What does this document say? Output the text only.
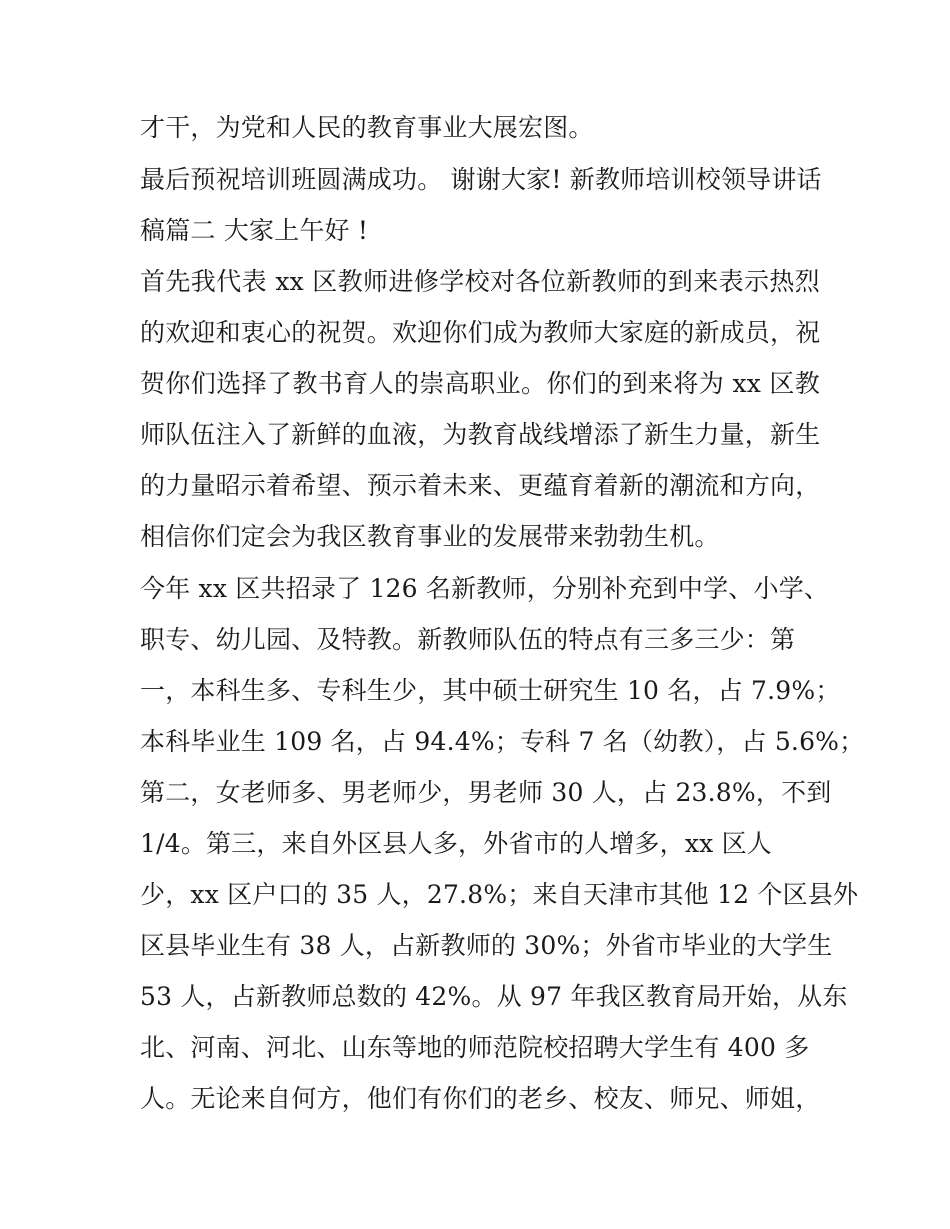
才干，为党和人民的教育事业大展宏图。
最后预祝培训班圆满成功。 谢谢大家! 新教师培训校领导讲话
稿篇二 大家上午好 !
首先我代表 xx 区教师进修学校对各位新教师的到来表示热烈
的欢迎和衷心的祝贺。欢迎你们成为教师大家庭的新成员，祝
贺你们选择了教书育人的崇高职业。你们的到来将为 xx 区教
师队伍注入了新鲜的血液，为教育战线增添了新生力量，新生
的力量昭示着希望、预示着未来、更蕴育着新的潮流和方向，
相信你们定会为我区教育事业的发展带来勃勃生机。
今年 xx 区共招录了 126 名新教师，分别补充到中学、小学、
职专、幼儿园、及特教。新教师队伍的特点有三多三少：第
一，本科生多、专科生少，其中硕士研究生 10 名，占 7.9%；
本科毕业生 109 名，占 94.4%；专科 7 名（幼教），占 5.6%；
第二，女老师多、男老师少，男老师 30 人，占 23.8%，不到
1/4。第三，来自外区县人多，外省市的人增多，xx 区人
少，xx 区户口的 35 人，27.8%；来自天津市其他 12 个区县外
区县毕业生有 38 人，占新教师的 30%；外省市毕业的大学生
53 人，占新教师总数的 42%。从 97 年我区教育局开始，从东
北、河南、河北、山东等地的师范院校招聘大学生有 400 多
人。无论来自何方，他们有你们的老乡、校友、师兄、师姐，
